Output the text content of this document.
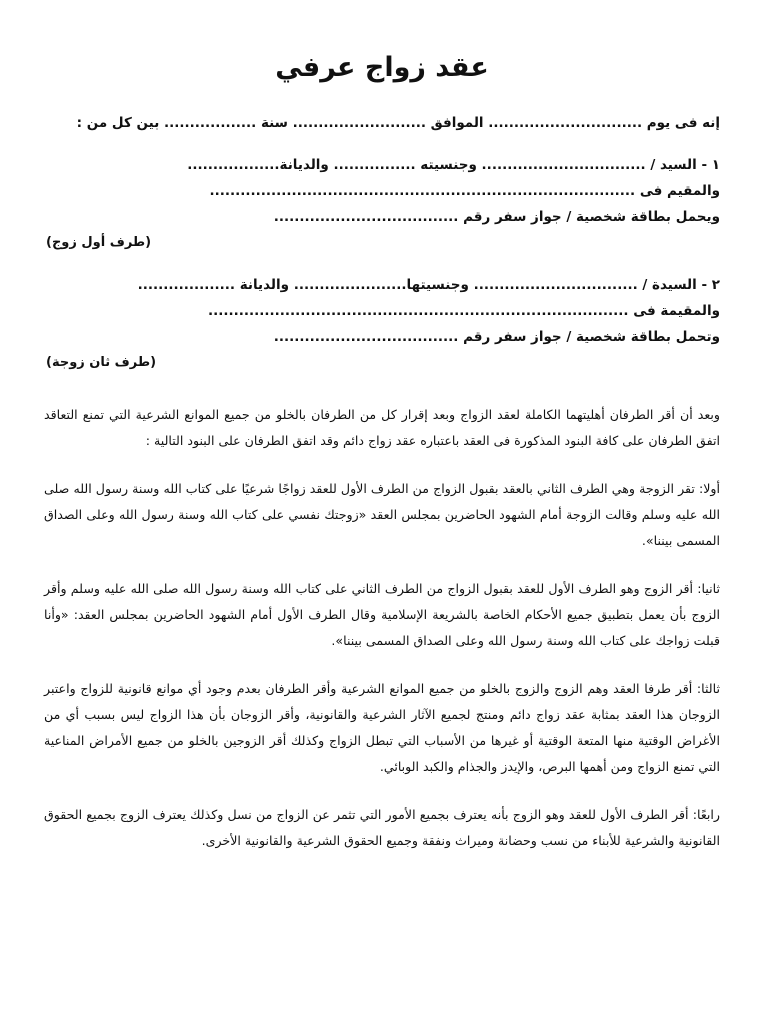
عقد زواج عرفي
إنه فى يوم .............................. الموافق .......................... سنة .................. بين كل من :
١ - السيد / ................................ وجنسيته ................ والديانة..................
والمقيم فى ...................................................................................
ويحمل بطاقة شخصية / جواز سفر رقم ....................................
(طرف أول زوج)
٢ - السيدة / ................................ وجنسيتها...................... والديانة ...................
والمقيمة فى ..................................................................................
وتحمل بطاقة شخصية / جواز سفر رقم ....................................
(طرف ثان زوجة)

وبعد أن أقر الطرفان أهليتهما الكاملة لعقد الزواج وبعد إقرار كل من الطرفان بالخلو من جميع الموانع الشرعية التي تمنع التعاقد اتفق الطرفان على كافة البنود المذكورة فى العقد باعتباره عقد زواج دائم وقد اتفق الطرفان على البنود التالية :

أولا: تقر الزوجة وهي الطرف الثاني بالعقد بقبول الزواج من الطرف الأول للعقد زواجًا شرعيًا على كتاب الله وسنة رسول الله صلى الله عليه وسلم وقالت الزوجة أمام الشهود الحاضرين بمجلس العقد «زوجتك نفسي على كتاب الله وسنة رسول الله وعلى الصداق المسمى بيننا».

ثانيا: أقر الزوج وهو الطرف الأول للعقد بقبول الزواج من الطرف الثاني على كتاب الله وسنة رسول الله صلى الله عليه وسلم وأقر الزوج بأن يعمل بتطبيق جميع الأحكام الخاصة بالشريعة الإسلامية وقال الطرف الأول أمام الشهود الحاضرين بمجلس العقد: «وأنا قبلت زواجك على كتاب الله وسنة رسول الله وعلى الصداق المسمى بيننا».

ثالثا: أقر طرفا العقد وهم الزوج والزوج بالخلو من جميع الموانع الشرعية وأقر الطرفان بعدم وجود أي موانع قانونية للزواج واعتبر الزوجان هذا العقد بمثابة عقد زواج دائم ومنتج لجميع الآثار الشرعية والقانونية، وأقر الزوجان بأن هذا الزواج ليس بسبب أي من الأغراض الوقتية منها المتعة الوقتية أو غيرها من الأسباب التي تبطل الزواج وكذلك أقر الزوجين بالخلو من جميع الأمراض المناعية التي تمنع الزواج ومن أهمها البرص، والإيدز والجذام والكبد الوبائي.

رابعًا: أقر الطرف الأول للعقد وهو الزوج بأنه يعترف بجميع الأمور التي تثمر عن الزواج من نسل وكذلك يعترف الزوج بجميع الحقوق القانونية والشرعية للأبناء من نسب وحضانة وميراث ونفقة وجميع الحقوق الشرعية والقانونية الأخرى.
